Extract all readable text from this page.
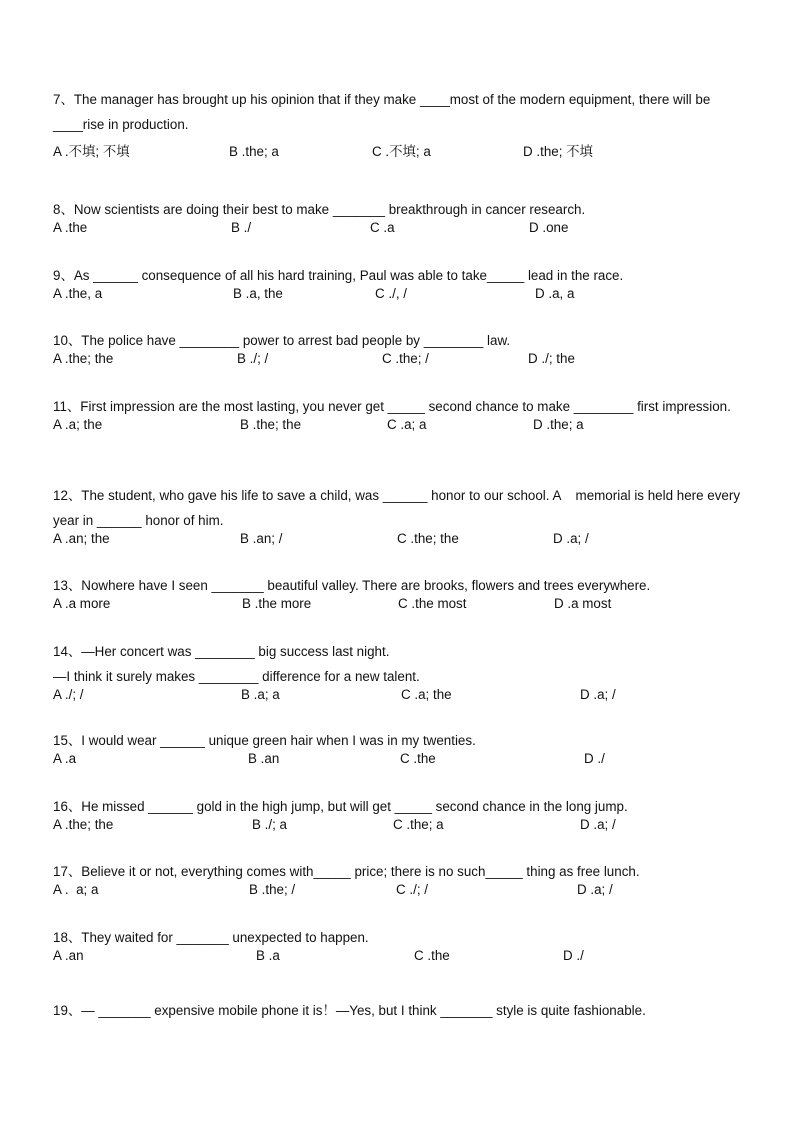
7、The manager has brought up his opinion that if they make ____most of the modern equipment, there will be ____rise in production.
A .不填; 不填	B .the; a	C .不填; a	D .the; 不填
8、Now scientists are doing their best to make _______ breakthrough in cancer research.
A .the	B ./	C .a	D .one
9、As ______ consequence of all his hard training, Paul was able to take_____ lead in the race.
A .the, a	B .a, the	C ./, /	D .a, a
10、The police have ________ power to arrest bad people by ________ law.
A .the; the	B ./; /	C .the; /	D ./; the
11、First impression are the most lasting, you never get _____ second chance to make ________ first impression.
A .a; the	B .the; the	C .a; a	D .the; a
12、The student, who gave his life to save a child, was ______ honor to our school. A    memorial is held here every year in ______ honor of him.
A .an; the	B .an; /	C .the; the	D .a; /
13、Nowhere have I seen _______ beautiful valley. There are brooks, flowers and trees everywhere.
A .a more	B .the more	C .the most	D .a most
14、—Her concert was ________ big success last night.
—I think it surely makes ________ difference for a new talent.
A ./; /	B .a; a	C .a; the	D .a; /
15、I would wear ______ unique green hair when I was in my twenties.
A .a	B .an	C .the	D ./
16、He missed ______ gold in the high jump, but will get _____ second chance in the long jump.
A .the; the	B ./; a	C .the; a	D .a; /
17、Believe it or not, everything comes with_____ price; there is no such_____ thing as free lunch.
A .  a; a	B .the; /	C ./; /	D .a; /
18、They waited for _______ unexpected to happen.
A .an	B .a	C .the	D ./
19、— _______ expensive mobile phone it is！—Yes, but I think _______ style is quite fashionable.
